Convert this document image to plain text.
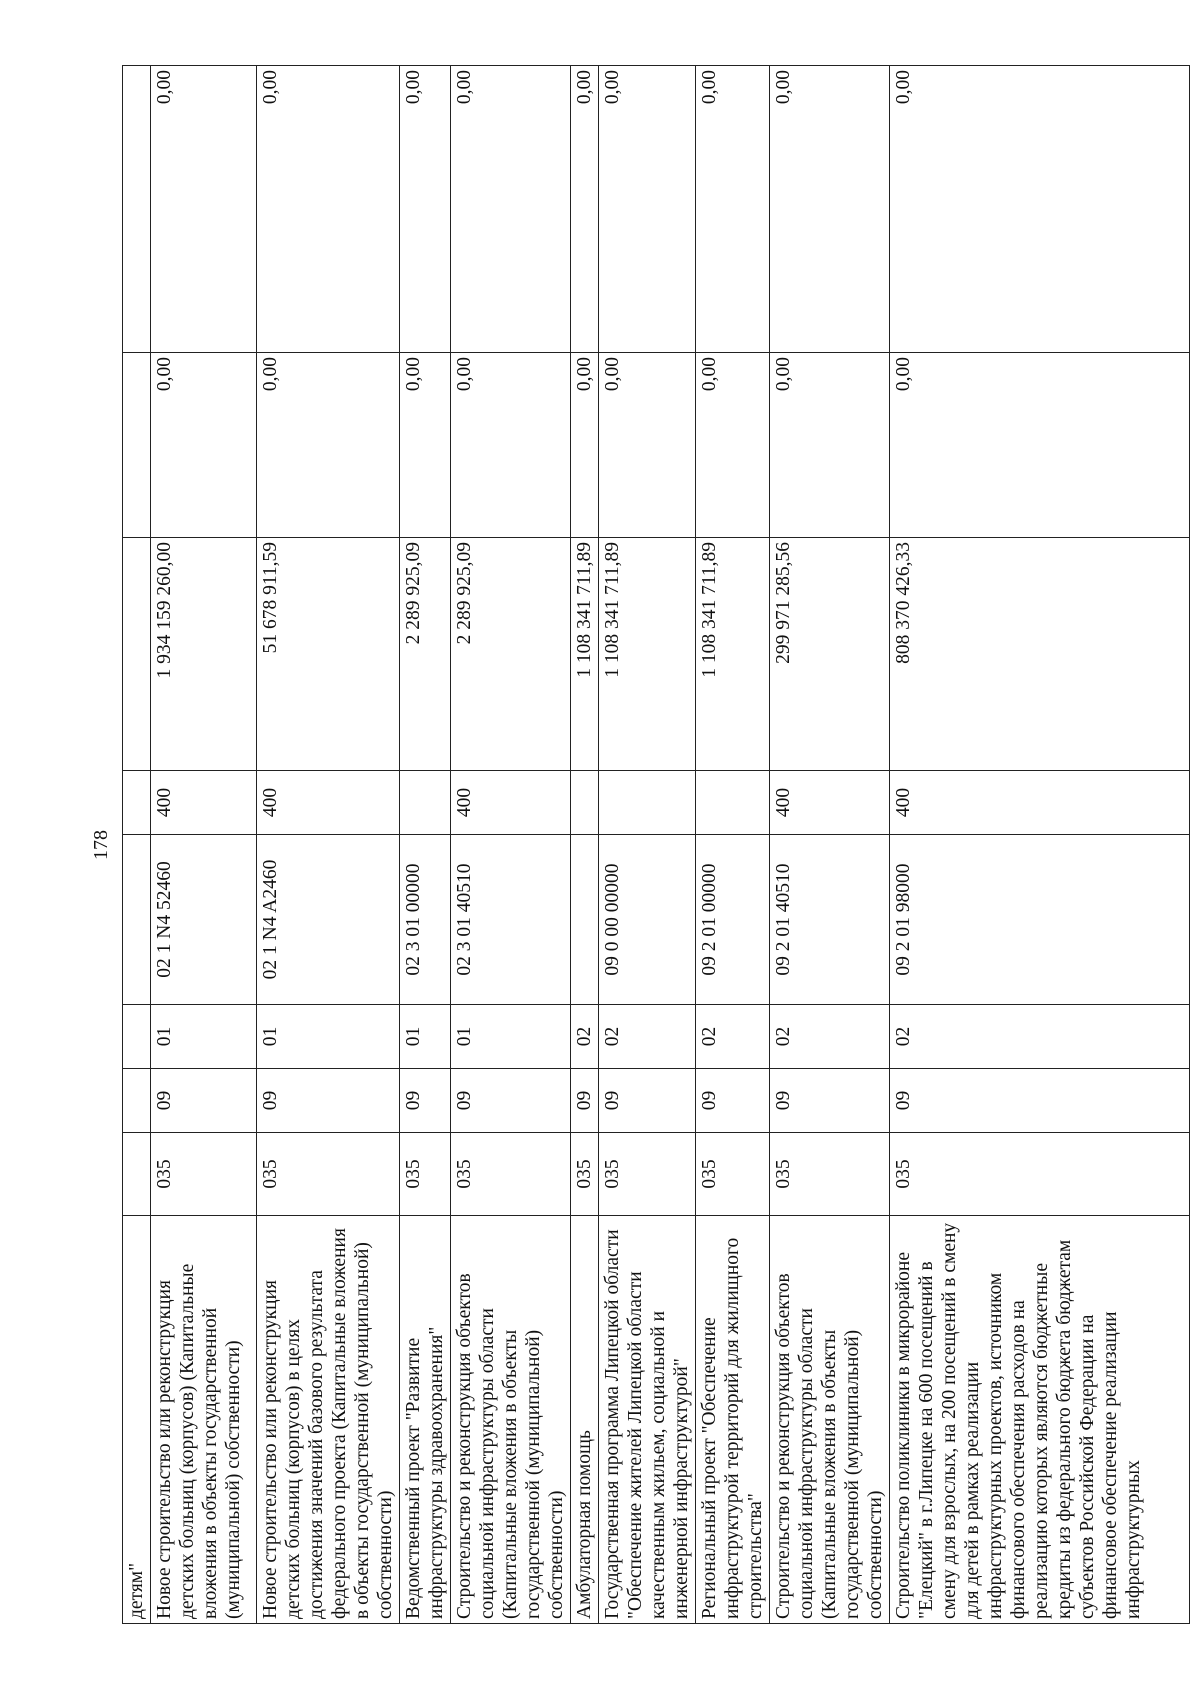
178
детям"								
Новое строительство или реконструкция детских больниц (корпусов) (Капитальные вложения в объекты государственной (муниципальной) собственности)	035	09	01	02 1 N4 52460	400	1 934 159 260,00	0,00	0,00
Новое строительство или реконструкция детских больниц (корпусов) в целях достижения значений базового результата федерального проекта (Капитальные вложения в объекты государственной (муниципальной) собственности)	035	09	01	02 1 N4 A2460	400	51 678 911,59	0,00	0,00
Ведомственный проект "Развитие инфраструктуры здравоохранения"	035	09	01	02 3 01 00000		2 289 925,09	0,00	0,00
Строительство и реконструкция объектов социальной инфраструктуры области (Капитальные вложения в объекты государственной (муниципальной) собственности)	035	09	01	02 3 01 40510	400	2 289 925,09	0,00	0,00
Амбулаторная помощь	035	09	02			1 108 341 711,89	0,00	0,00
Государственная программа Липецкой области "Обеспечение жителей Липецкой области качественным жильем, социальной и инженерной инфраструктурой"	035	09	02	09 0 00 00000		1 108 341 711,89	0,00	0,00
Региональный проект "Обеспечение инфраструктурой территорий для жилищного строительства"	035	09	02	09 2 01 00000		1 108 341 711,89	0,00	0,00
Строительство и реконструкция объектов социальной инфраструктуры области (Капитальные вложения в объекты государственной (муниципальной) собственности)	035	09	02	09 2 01 40510	400	299 971 285,56	0,00	0,00
Строительство поликлиники в микрорайоне "Елецкий" в г.Липецке на 600 посещений в смену для взрослых, на 200 посещений в смену для детей в рамках реализации инфраструктурных проектов, источником финансового обеспечения расходов на реализацию которых являются бюджетные кредиты из федерального бюджета бюджетам субъектов Российской Федерации на финансовое обеспечение реализации инфраструктурных	035	09	02	09 2 01 98000	400	808 370 426,33	0,00	0,00
